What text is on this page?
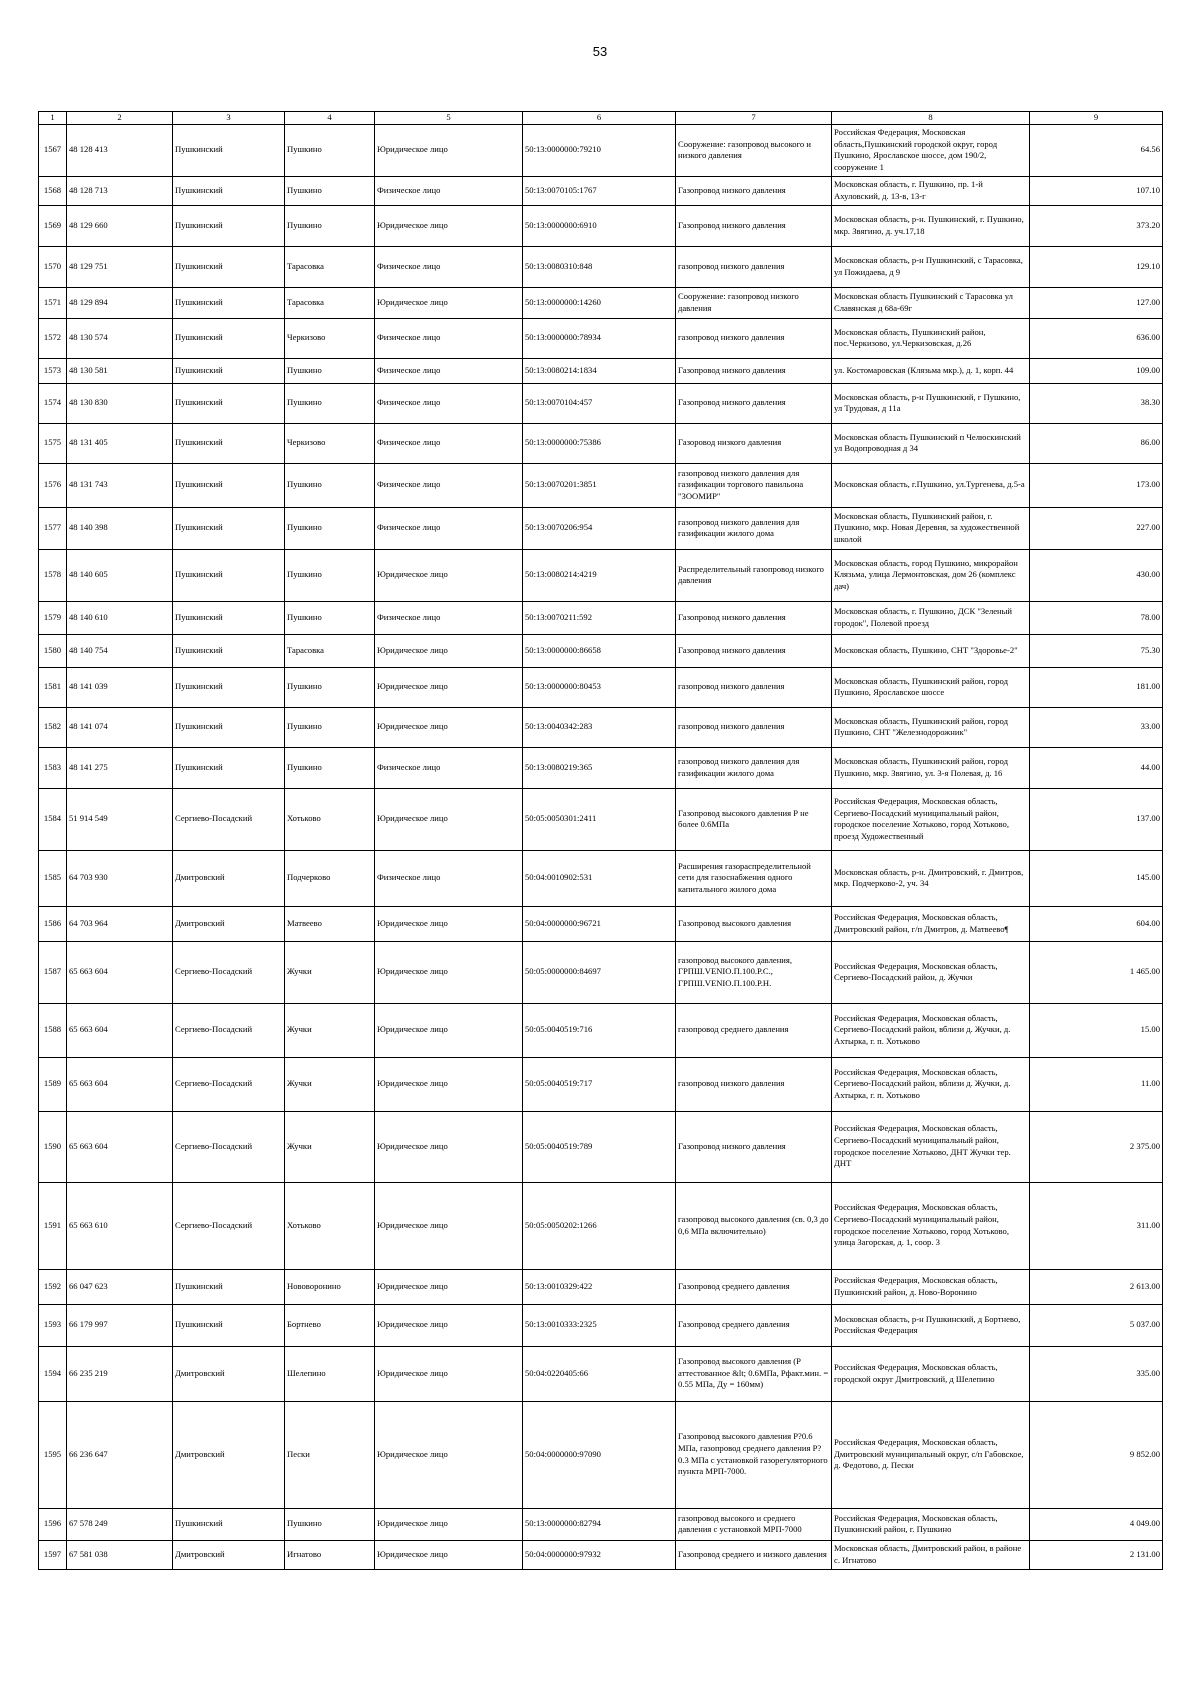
53
1	2	3	4	5	6	7	8	9
1567	48 128 413	Пушкинский	Пушкино	Юридическое лицо	50:13:0000000:79210	Сооружение: газопровод высокого и низкого давления	Российская Федерация, Московская область,Пушкинский городской округ, город Пушкино, Ярославское шоссе, дом 190/2, сооружение 1	64.56
1568	48 128 713	Пушкинский	Пушкино	Физическое лицо	50:13:0070105:1767	Газопровод низкого давления	Московская область, г. Пушкино, пр. 1-й Ахуловский, д. 13-в, 13-г	107.10
1569	48 129 660	Пушкинский	Пушкино	Юридическое лицо	50:13:0000000:6910	Газопровод низкого давления	Московская область, р-н. Пушкинский, г. Пушкино, мкр. Звягино, д. уч.17,18	373.20
1570	48 129 751	Пушкинский	Тарасовка	Физическое лицо	50:13:0080310:848	газопровод низкого давления	Московская область, р-н Пушкинский, с Тарасовка, ул Пожидаева, д 9	129.10
1571	48 129 894	Пушкинский	Тарасовка	Юридическое лицо	50:13:0000000:14260	Сооружение: газопровод низкого давления	Московская область Пушкинский с Тарасовка ул Славянская д 68а-69г	127.00
1572	48 130 574	Пушкинский	Черкизово	Физическое лицо	50:13:0000000:78934	газопровод низкого давления	Московская область, Пушкинский район, пос.Черкизово, ул.Черкизовская, д.26	636.00
1573	48 130 581	Пушкинский	Пушкино	Физическое лицо	50:13:0080214:1834	Газопровод низкого давления	ул. Костомаровская (Клязьма мкр.), д. 1, корп. 44	109.00
1574	48 130 830	Пушкинский	Пушкино	Физическое лицо	50:13:0070104:457	Газопровод низкого давления	Московская область, р-н Пушкинский, г Пушкино, ул Трудовая, д 11а	38.30
1575	48 131 405	Пушкинский	Черкизово	Физическое лицо	50:13:0000000:75386	Газоровод низкого давления	Московская область Пушкинский п Челюскинский ул Водопроводная д 34	86.00
1576	48 131 743	Пушкинский	Пушкино	Физическое лицо	50:13:0070201:3851	газопровод низкого давления для газификации торгового павильона "ЗООМИР"	Московская область, г.Пушкино, ул.Тургенева, д.5-а	173.00
1577	48 140 398	Пушкинский	Пушкино	Физическое лицо	50:13:0070206:954	газопровод низкого давления для газификации жилого дома	Московская область, Пушкинский район, г. Пушкино, мкр. Новая Деревня, за художественной школой	227.00
1578	48 140 605	Пушкинский	Пушкино	Юридическое лицо	50:13:0080214:4219	Распределительный газопровод низкого давления	Московская область, город Пушкино, микрорайон Клязьма, улица Лермонтовская, дом 26 (комплекс дач)	430.00
1579	48 140 610	Пушкинский	Пушкино	Физическое лицо	50:13:0070211:592	Газопровод низкого давления	Московская область, г. Пушкино, ДСК "Зеленый городок", Полевой проезд	78.00
1580	48 140 754	Пушкинский	Тарасовка	Юридическое лицо	50:13:0000000:86658	Газопровод низкого давления	Московская область, Пушкино, СНТ "Здоровье-2"	75.30
1581	48 141 039	Пушкинский	Пушкино	Юридическое лицо	50:13:0000000:80453	газопровод низкого давления	Московская область, Пушкинский район, город Пушкино, Ярославское шоссе	181.00
1582	48 141 074	Пушкинский	Пушкино	Юридическое лицо	50:13:0040342:283	газопровод низкого давления	Московская область, Пушкинский район, город Пушкино, СНТ "Железнодорожник"	33.00
1583	48 141 275	Пушкинский	Пушкино	Физическое лицо	50:13:0080219:365	газопровод низкого давления для газификации жилого дома	Московская область, Пушкинский район, город Пушкино, мкр. Звягино, ул. 3-я Полевая, д. 16	44.00
1584	51 914 549	Сергиево-Посадский	Хотьково	Юридическое лицо	50:05:0050301:2411	Газопровод высокого давления Р не более 0.6МПа	Российская Федерация, Московская область, Сергиево-Посадский муниципальный район, городское поселение Хотьково, город Хотьково, проезд Художественный	137.00
1585	64 703 930	Дмитровский	Подчерково	Физическое лицо	50:04:0010902:531	Расширения газораспределительной сети для газоснабжения одного капитального жилого дома	Московская область, р-н. Дмитровский, г. Дмитров, мкр. Подчерково-2, уч. 34	145.00
1586	64 703 964	Дмитровский	Матвеево	Юридическое лицо	50:04:0000000:96721	Газопровод высокого давления	Российская Федерация, Московская область, Дмитровский район, г/п Дмитров, д. Матвеево¶	604.00
1587	65 663 604	Сергиево-Посадский	Жучки	Юридическое лицо	50:05:0000000:84697	газопровод высокого давления, ГРПШ.VENIO.П.100.Р.С., ГРПШ.VENIO.П.100.Р.Н.	Российская Федерация, Московская область, Сергиево-Посадский район, д. Жучки	1 465.00
1588	65 663 604	Сергиево-Посадский	Жучки	Юридическое лицо	50:05:0040519:716	газопровод среднего давления	Российская Федерация, Московская область, Сергиево-Посадский район, вблизи д. Жучки, д. Ахтырка, г. п. Хотьково	15.00
1589	65 663 604	Сергиево-Посадский	Жучки	Юридическое лицо	50:05:0040519:717	газопровод низкого давления	Российская Федерация, Московская область, Сергиево-Посадский район, вблизи д. Жучки, д. Ахтырка, г. п. Хотьково	11.00
1590	65 663 604	Сергиево-Посадский	Жучки	Юридическое лицо	50:05:0040519:789	Газопровод низкого давления	Российская Федерация, Московская область, Сергиево-Посадский муниципальный район, городское поселение Хотьково, ДНТ Жучки тер. ДНТ	2 375.00
1591	65 663 610	Сергиево-Посадский	Хотьково	Юридическое лицо	50:05:0050202:1266	газопровод высокого давления (св. 0,3 до 0,6 МПа включительно)	Российская Федерация, Московская область, Сергиево-Посадский муниципальный район, городское поселение Хотьково, город Хотьково, улица Загорская, д. 1, соор. 3	311.00
1592	66 047 623	Пушкинский	Нововоронино	Юридическое лицо	50:13:0010329:422	Газопровод среднего давления	Российская Федерация, Московская область, Пушкинский район, д. Ново-Воронино	2 613.00
1593	66 179 997	Пушкинский	Бортнево	Юридическое лицо	50:13:0010333:2325	Газопровод среднего давления	Московская область, р-н Пушкинский, д Бортнево, Российская Федерация	5 037.00
1594	66 235 219	Дмитровский	Шелепино	Юридическое лицо	50:04:0220405:66	Газопровод высокого давления (Р аттестованное &lt; 0.6МПа, Рфакт.мин. = 0.55 МПа, Ду = 160мм)	Российская Федерация, Московская область, городской округ Дмитровский, д Шелепино	335.00
1595	66 236 647	Дмитровский	Пески	Юридическое лицо	50:04:0000000:97090	Газопровод высокого давления Р?0.6 МПа, газопровод среднего давления Р?0.3 МПа с установкой газорегуляторного пункта МРП-7000.	Российская Федерация, Московская область, Дмитровский муниципальный округ, с/п Габовское, д. Федотово, д. Пески	9 852.00
1596	67 578 249	Пушкинский	Пушкино	Юридическое лицо	50:13:0000000:82794	газопровод высокого и среднего давления с установкой МРП-7000	Российская Федерация, Московская область, Пушкинский район, г. Пушкино	4 049.00
1597	67 581 038	Дмитровский	Игнатово	Юридическое лицо	50:04:0000000:97932	Газопровод среднего и низкого давления	Московская область, Дмитровский район, в районе с. Игнатово	2 131.00
